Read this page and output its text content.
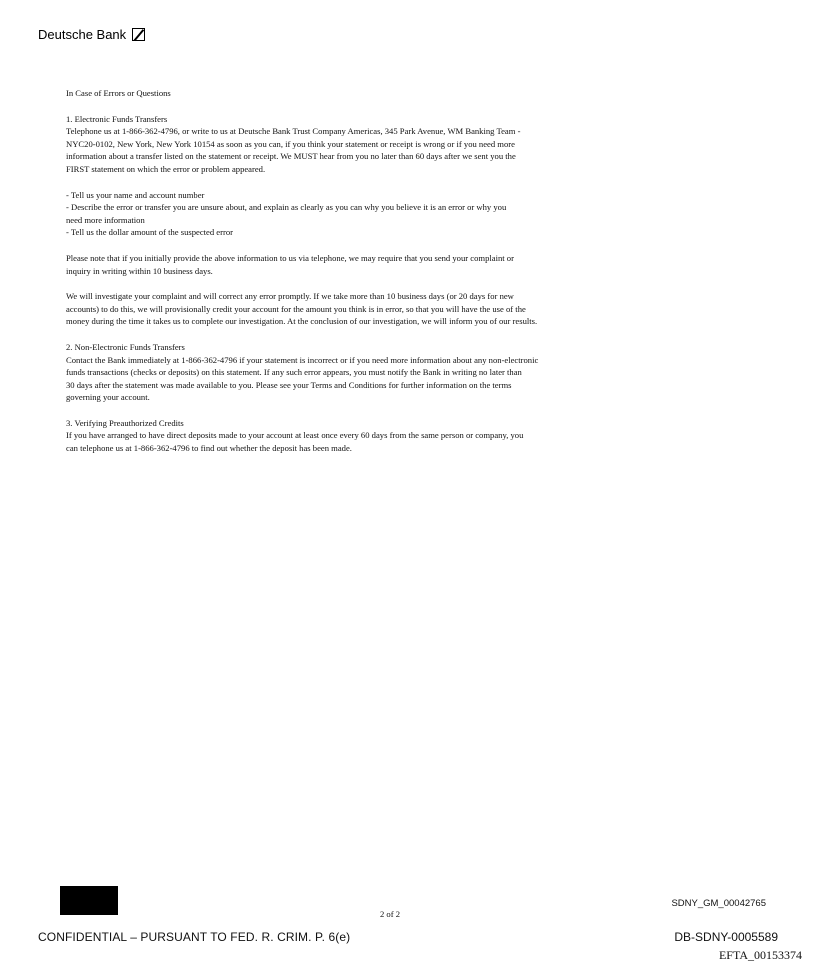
Deutsche Bank

In Case of Errors or Questions

1. Electronic Funds Transfers
Telephone us at 1-866-362-4796, or write to us at Deutsche Bank Trust Company Americas, 345 Park Avenue, WM Banking Team -
NYC20-0102, New York, New York 10154 as soon as you can, if you think your statement or receipt is wrong or if you need more
information about a transfer listed on the statement or receipt. We MUST hear from you no later than 60 days after we sent you the
FIRST statement on which the error or problem appeared.

- Tell us your name and account number
- Describe the error or transfer you are unsure about, and explain as clearly as you can why you believe it is an error or why you
need more information
- Tell us the dollar amount of the suspected error

Please note that if you initially provide the above information to us via telephone, we may require that you send your complaint or
inquiry in writing within 10 business days.

We will investigate your complaint and will correct any error promptly. If we take more than 10 business days (or 20 days for new
accounts) to do this, we will provisionally credit your account for the amount you think is in error, so that you will have the use of the
money during the time it takes us to complete our investigation. At the conclusion of our investigation, we will inform you of our results.

2. Non-Electronic Funds Transfers
Contact the Bank immediately at 1-866-362-4796 if your statement is incorrect or if you need more information about any non-electronic
funds transactions (checks or deposits) on this statement. If any such error appears, you must notify the Bank in writing no later than
30 days after the statement was made available to you. Please see your Terms and Conditions for further information on the terms
governing your account.

3. Verifying Preauthorized Credits
If you have arranged to have direct deposits made to your account at least once every 60 days from the same person or company, you
can telephone us at 1-866-362-4796 to find out whether the deposit has been made.

2 of 2
SDNY_GM_00042765
CONFIDENTIAL – PURSUANT TO FED. R. CRIM. P. 6(e)	DB-SDNY-0005589
EFTA_00153374
